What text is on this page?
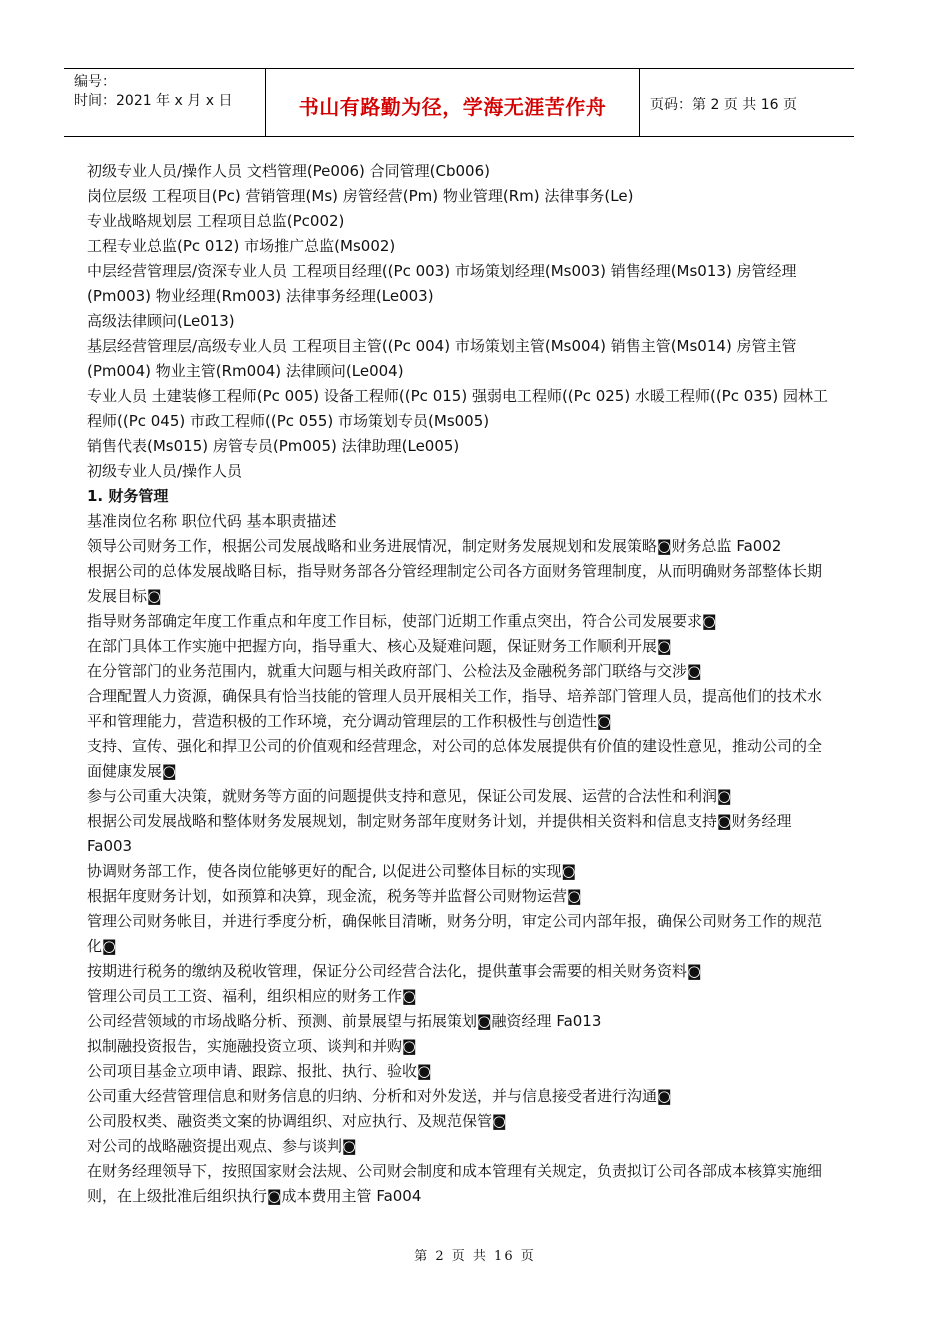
编号：
时间：2021 年 x 月 x 日	书山有路勤为径，学海无涯苦作舟	页码：第 2 页 共 16 页

初级专业人员/操作人员 文档管理(Pe006) 合同管理(Cb006)

岗位层级 工程项目(Pc) 营销管理(Ms) 房管经营(Pm) 物业管理(Rm) 法律事务(Le)

专业战略规划层 工程项目总监(Pc002)

工程专业总监(Pc 012) 市场推广总监(Ms002)

中层经营管理层/资深专业人员 工程项目经理((Pc 003) 市场策划经理(Ms003) 销售经理(Ms013) 房管经理(Pm003) 物业经理(Rm003) 法律事务经理(Le003)

高级法律顾问(Le013)

基层经营管理层/高级专业人员 工程项目主管((Pc 004) 市场策划主管(Ms004) 销售主管(Ms014) 房管主管(Pm004) 物业主管(Rm004) 法律顾问(Le004)

专业人员 土建装修工程师(Pc 005) 设备工程师((Pc 015) 强弱电工程师((Pc 025) 水暖工程师((Pc 035) 园林工程师((Pc 045) 市政工程师((Pc 055) 市场策划专员(Ms005)

销售代表(Ms015) 房管专员(Pm005) 法律助理(Le005)

初级专业人员/操作人员

1. 财务管理

基准岗位名称 职位代码 基本职责描述

领导公司财务工作，根据公司发展战略和业务进展情况，制定财务发展规划和发展策略◙财务总监 Fa002

根据公司的总体发展战略目标，指导财务部各分管经理制定公司各方面财务管理制度，从而明确财务部整体长期发展目标◙

指导财务部确定年度工作重点和年度工作目标，使部门近期工作重点突出，符合公司发展要求◙

在部门具体工作实施中把握方向，指导重大、核心及疑难问题，保证财务工作顺利开展◙

在分管部门的业务范围内，就重大问题与相关政府部门、公检法及金融税务部门联络与交涉◙

合理配置人力资源，确保具有恰当技能的管理人员开展相关工作，指导、培养部门管理人员，提高他们的技术水平和管理能力，营造积极的工作环境，充分调动管理层的工作积极性与创造性◙

支持、宣传、强化和捍卫公司的价值观和经营理念，对公司的总体发展提供有价值的建设性意见，推动公司的全面健康发展◙

参与公司重大决策，就财务等方面的问题提供支持和意见，保证公司发展、运营的合法性和利润◙

根据公司发展战略和整体财务发展规划，制定财务部年度财务计划，并提供相关资料和信息支持◙财务经理 Fa003

协调财务部工作，使各岗位能够更好的配合, 以促进公司整体目标的实现◙

根据年度财务计划，如预算和决算，现金流，税务等并监督公司财物运营◙

管理公司财务帐目，并进行季度分析，确保帐目清晰，财务分明，审定公司内部年报，确保公司财务工作的规范化◙

按期进行税务的缴纳及税收管理，保证分公司经营合法化，提供董事会需要的相关财务资料◙

管理公司员工工资、福利，组织相应的财务工作◙

公司经营领域的市场战略分析、预测、前景展望与拓展策划◙融资经理 Fa013

拟制融投资报告，实施融投资立项、谈判和并购◙

公司项目基金立项申请、跟踪、报批、执行、验收◙

公司重大经营管理信息和财务信息的归纳、分析和对外发送，并与信息接受者进行沟通◙

公司股权类、融资类文案的协调组织、对应执行、及规范保管◙

对公司的战略融资提出观点、参与谈判◙

在财务经理领导下，按照国家财会法规、公司财会制度和成本管理有关规定，负责拟订公司各部成本核算实施细则，在上级批准后组织执行◙成本费用主管 Fa004

第 2 页 共 16 页
